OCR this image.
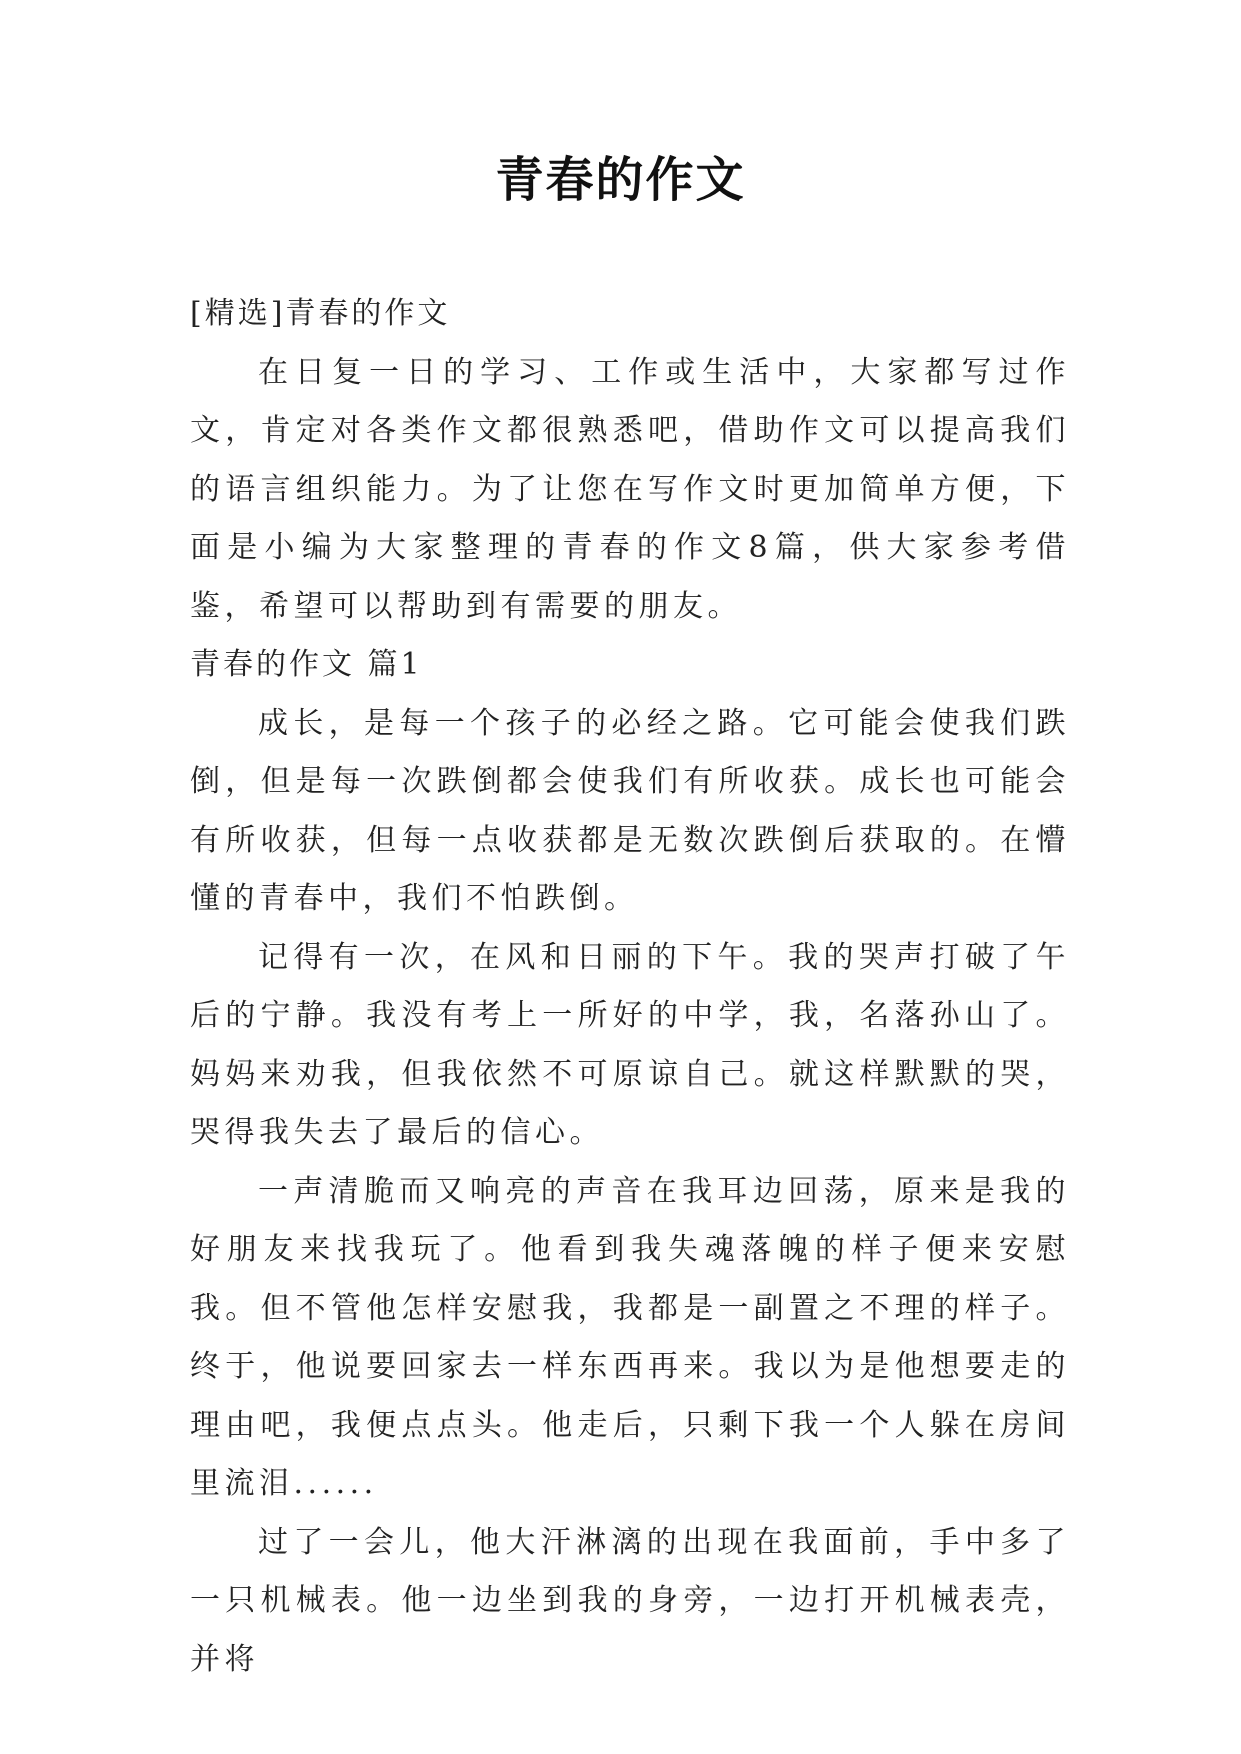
青春的作文

[精选]青春的作文

在日复一日的学习、工作或生活中，大家都写过作文，肯定对各类作文都很熟悉吧，借助作文可以提高我们的语言组织能力。为了让您在写作文时更加简单方便，下面是小编为大家整理的青春的作文8篇，供大家参考借鉴，希望可以帮助到有需要的朋友。

青春的作文 篇1

成长，是每一个孩子的必经之路。它可能会使我们跌倒，但是每一次跌倒都会使我们有所收获。成长也可能会有所收获，但每一点收获都是无数次跌倒后获取的。在懵懂的青春中，我们不怕跌倒。

记得有一次，在风和日丽的下午。我的哭声打破了午后的宁静。我没有考上一所好的中学，我，名落孙山了。妈妈来劝我，但我依然不可原谅自己。就这样默默的哭，哭得我失去了最后的信心。

一声清脆而又响亮的声音在我耳边回荡，原来是我的好朋友来找我玩了。他看到我失魂落魄的样子便来安慰我。但不管他怎样安慰我，我都是一副置之不理的样子。终于，他说要回家去一样东西再来。我以为是他想要走的理由吧，我便点点头。他走后，只剩下我一个人躲在房间里流泪......

过了一会儿，他大汗淋漓的出现在我面前，手中多了一只机械表。他一边坐到我的身旁，一边打开机械表壳，并将
